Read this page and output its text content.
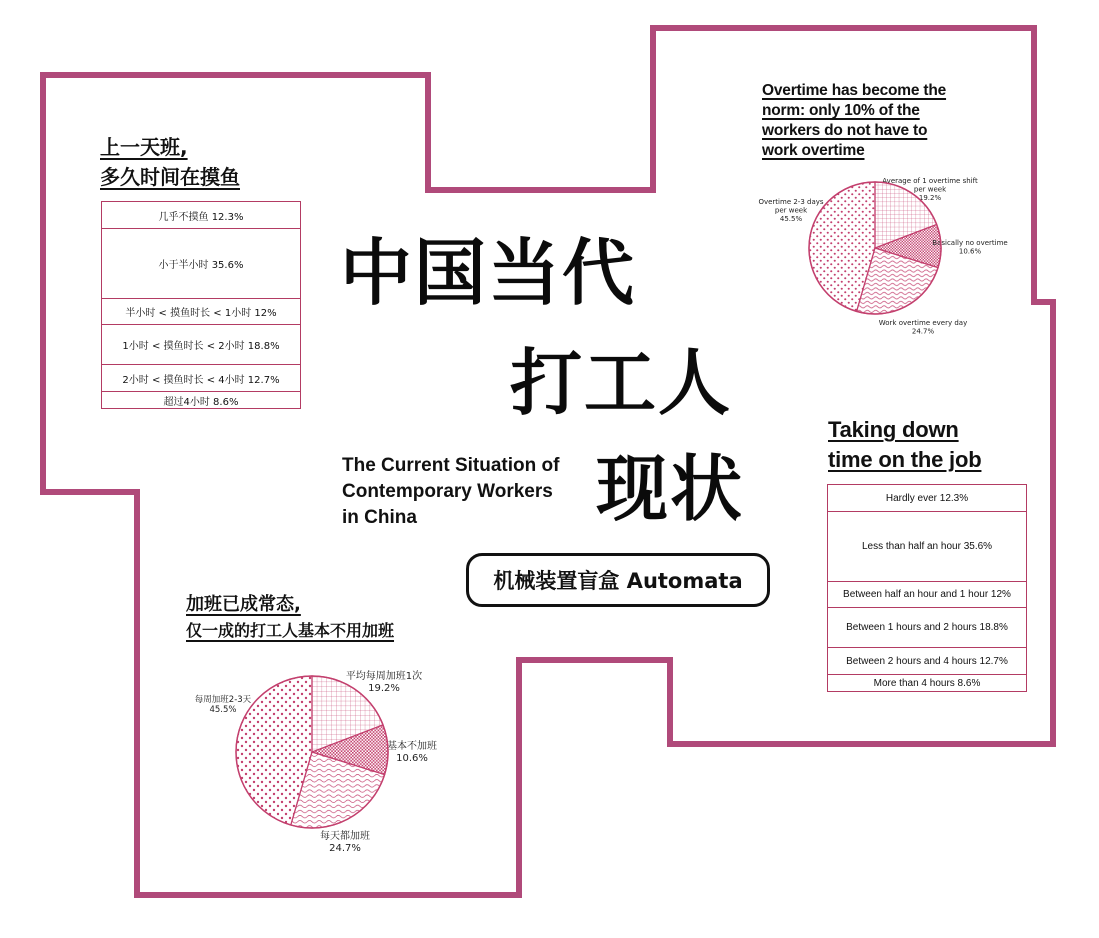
中国当代
打工人
现状
The Current Situation of
Contemporary Workers
in China
机械装置盲盒 Automata
上一天班,
多久时间在摸鱼
几乎不摸鱼 12.3%
小于半小时 35.6%
半小时 < 摸鱼时长 < 1小时 12%
1小时 < 摸鱼时长 < 2小时 18.8%
2小时 < 摸鱼时长 < 4小时 12.7%
超过4小时 8.6%
Taking down
time on the job
Hardly ever 12.3%
Less than half an hour 35.6%
Between half an hour and 1 hour 12%
Between 1 hours and 2 hours 18.8%
Between 2 hours and 4 hours 12.7%
More than 4 hours 8.6%
加班已成常态,
仅一成的打工人基本不用加班
平均每周加班1次 19.2%
基本不加班 10.6%
每天都加班 24.7%
每周加班2-3天 45.5%
Overtime has become the
norm: only 10% of the
workers do not have to
work overtime
Average of 1 overtime shift per week 19.2%
Basically no overtime 10.6%
Work overtime every day 24.7%
Overtime 2-3 days per week 45.5%
